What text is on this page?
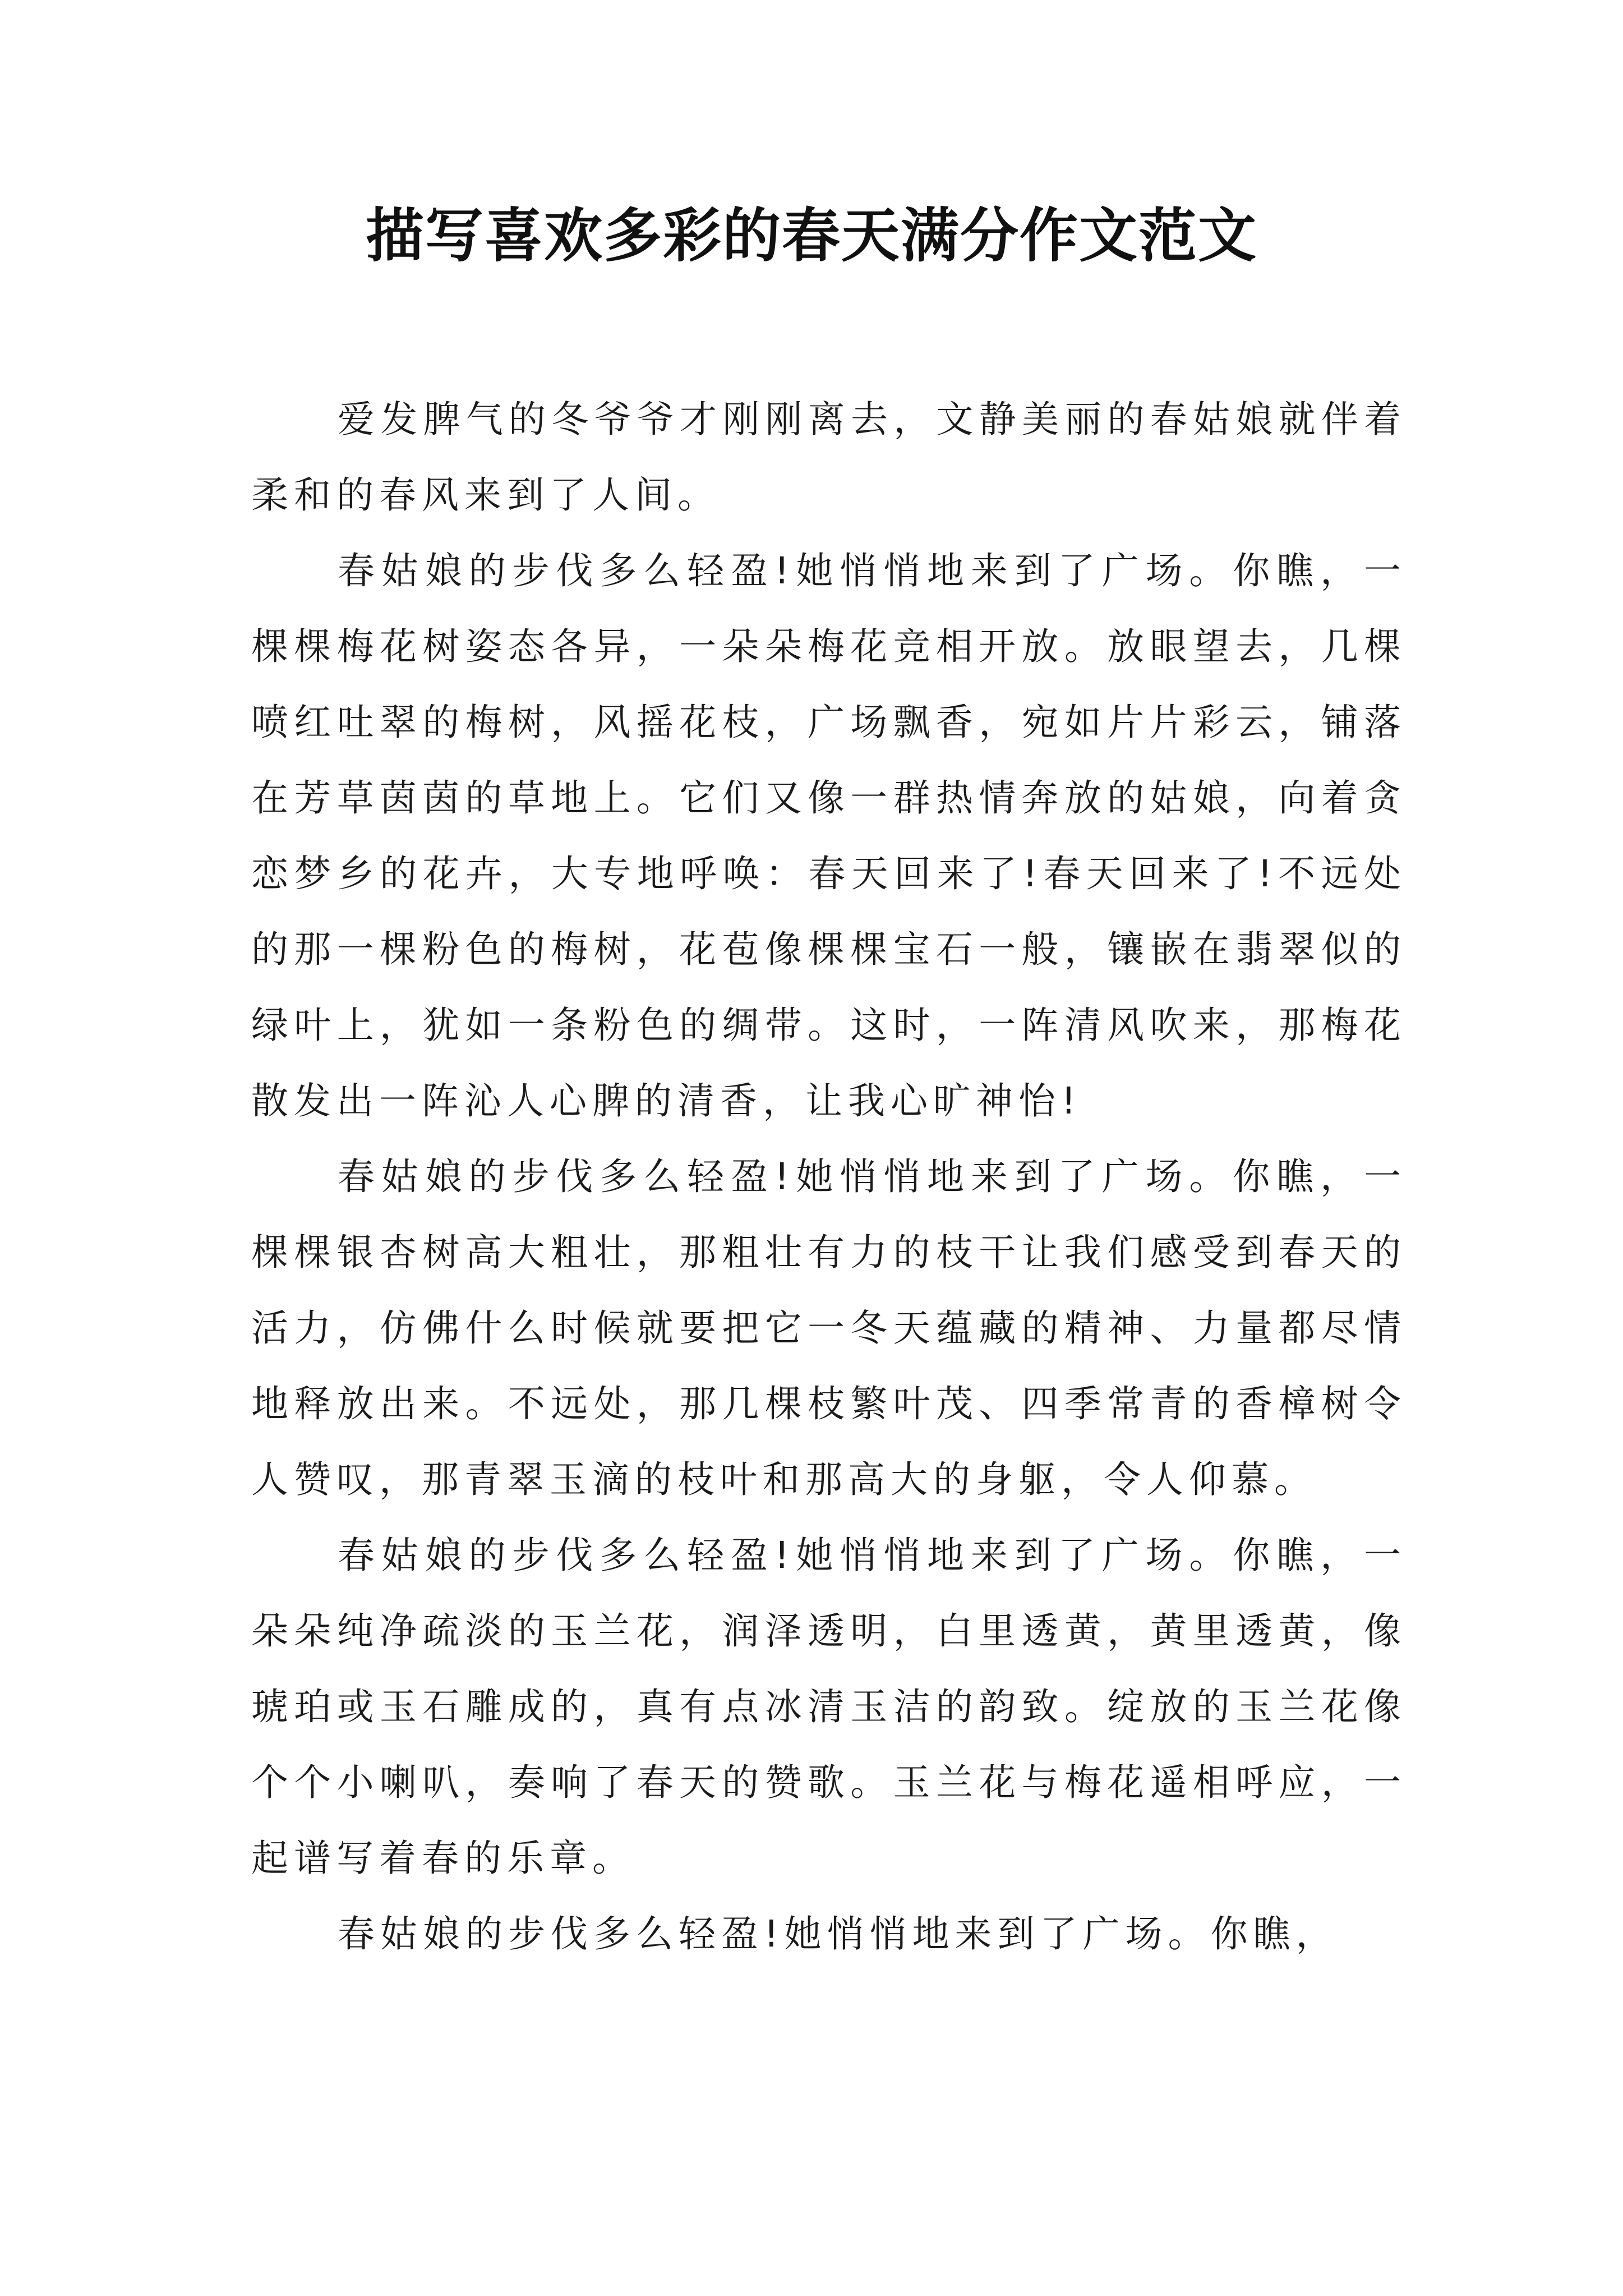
描写喜欢多彩的春天满分作文范文

爱发脾气的冬爷爷才刚刚离去，文静美丽的春姑娘就伴着柔和的春风来到了人间。

春姑娘的步伐多么轻盈!她悄悄地来到了广场。你瞧，一棵棵梅花树姿态各异，一朵朵梅花竞相开放。放眼望去，几棵喷红吐翠的梅树，风摇花枝，广场飘香，宛如片片彩云，铺落在芳草茵茵的草地上。它们又像一群热情奔放的姑娘，向着贪恋梦乡的花卉，大专地呼唤：春天回来了!春天回来了!不远处的那一棵粉色的梅树，花苞像棵棵宝石一般，镶嵌在翡翠似的绿叶上，犹如一条粉色的绸带。这时，一阵清风吹来，那梅花散发出一阵沁人心脾的清香，让我心旷神怡!

春姑娘的步伐多么轻盈!她悄悄地来到了广场。你瞧，一棵棵银杏树高大粗壮，那粗壮有力的枝干让我们感受到春天的活力，仿佛什么时候就要把它一冬天蕴藏的精神、力量都尽情地释放出来。不远处，那几棵枝繁叶茂、四季常青的香樟树令人赞叹，那青翠玉滴的枝叶和那高大的身躯，令人仰慕。

春姑娘的步伐多么轻盈!她悄悄地来到了广场。你瞧，一朵朵纯净疏淡的玉兰花，润泽透明，白里透黄，黄里透黄，像琥珀或玉石雕成的，真有点冰清玉洁的韵致。绽放的玉兰花像个个小喇叭，奏响了春天的赞歌。玉兰花与梅花遥相呼应，一起谱写着春的乐章。

春姑娘的步伐多么轻盈!她悄悄地来到了广场。你瞧，
